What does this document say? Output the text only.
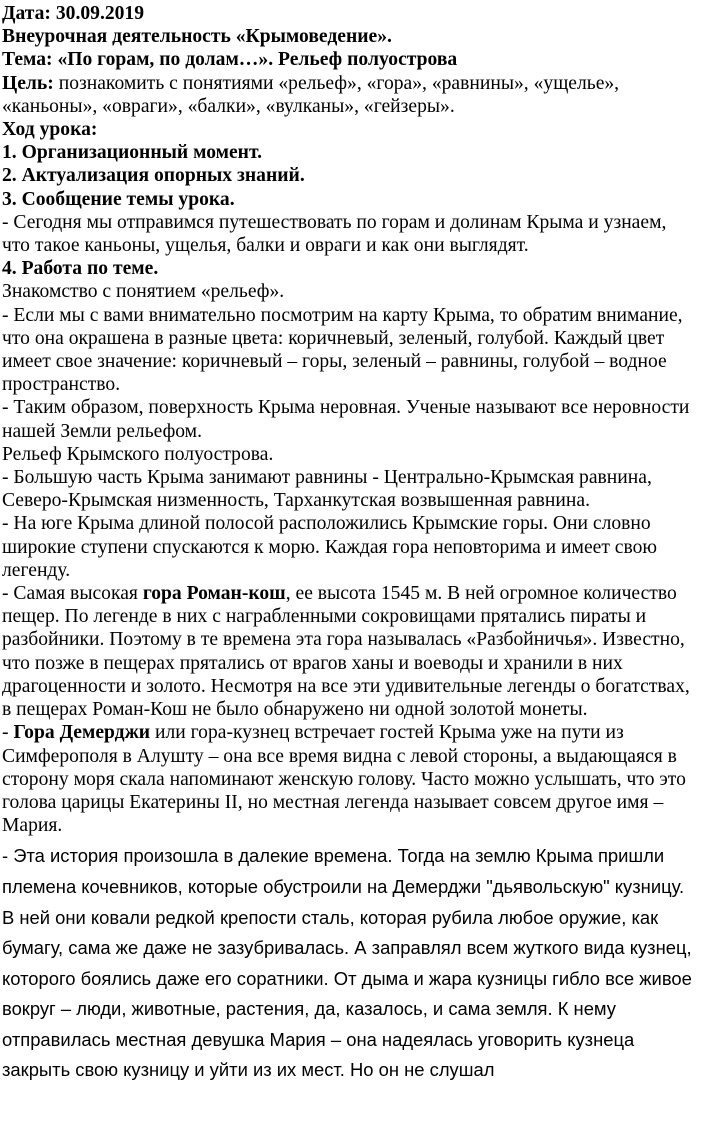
Дата: 30.09.2019

Внеурочная деятельность «Крымоведение».

Тема: «По горам, по долам…». Рельеф полуострова

Цель: познакомить с понятиями «рельеф», «гора», «равнины», «ущелье», «каньоны», «овраги», «балки», «вулканы», «гейзеры».

Ход урока:

1. Организационный момент.

2. Актуализация опорных знаний.

3. Сообщение темы урока.

- Сегодня мы отправимся путешествовать по горам и долинам Крыма и узнаем, что такое каньоны, ущелья, балки и овраги и как они выглядят.

4. Работа по теме.

Знакомство с понятием «рельеф».

- Если мы с вами внимательно посмотрим на карту Крыма, то обратим внимание, что она окрашена в разные цвета: коричневый, зеленый, голубой. Каждый цвет имеет свое значение: коричневый – горы, зеленый – равнины, голубой – водное пространство.

- Таким образом, поверхность Крыма неровная. Ученые называют все неровности нашей Земли рельефом.

Рельеф Крымского полуострова.

- Большую часть Крыма занимают равнины - Центрально-Крымская равнина, Северо-Крымская низменность, Тарханкутская возвышенная равнина.

- На юге Крыма длиной полосой расположились Крымские горы. Они словно широкие ступени спускаются к морю. Каждая гора неповторима и имеет свою легенду.

- Самая высокая гора Роман-кош, ее высота 1545 м. В ней огромное количество пещер. По легенде в них с награбленными сокровищами прятались пираты и разбойники. Поэтому в те времена эта гора называлась «Разбойничья». Известно, что позже в пещерах прятались от врагов ханы и воеводы и хранили в них драгоценности и золото. Несмотря на все эти удивительные легенды о богатствах, в пещерах Роман-Кош не было обнаружено ни одной золотой монеты.

- Гора Демерджи или гора-кузнец встречает гостей Крыма уже на пути из Симферополя в Алушту – она все время видна с левой стороны, а выдающаяся в сторону моря скала напоминают женскую голову. Часто можно услышать, что это голова царицы Екатерины II, но местная легенда называет совсем другое имя – Мария.

- Эта история произошла в далекие времена. Тогда на землю Крыма пришли племена кочевников, которые обустроили на Демерджи "дьявольскую" кузницу. В ней они ковали редкой крепости сталь, которая рубила любое оружие, как бумагу, сама же даже не зазубривалась. А заправлял всем жуткого вида кузнец, которого боялись даже его соратники. От дыма и жара кузницы гибло все живое вокруг – люди, животные, растения, да, казалось, и сама земля. К нему отправилась местная девушка Мария – она надеялась уговорить кузнеца закрыть свою кузницу и уйти из их мест. Но он не слушал
